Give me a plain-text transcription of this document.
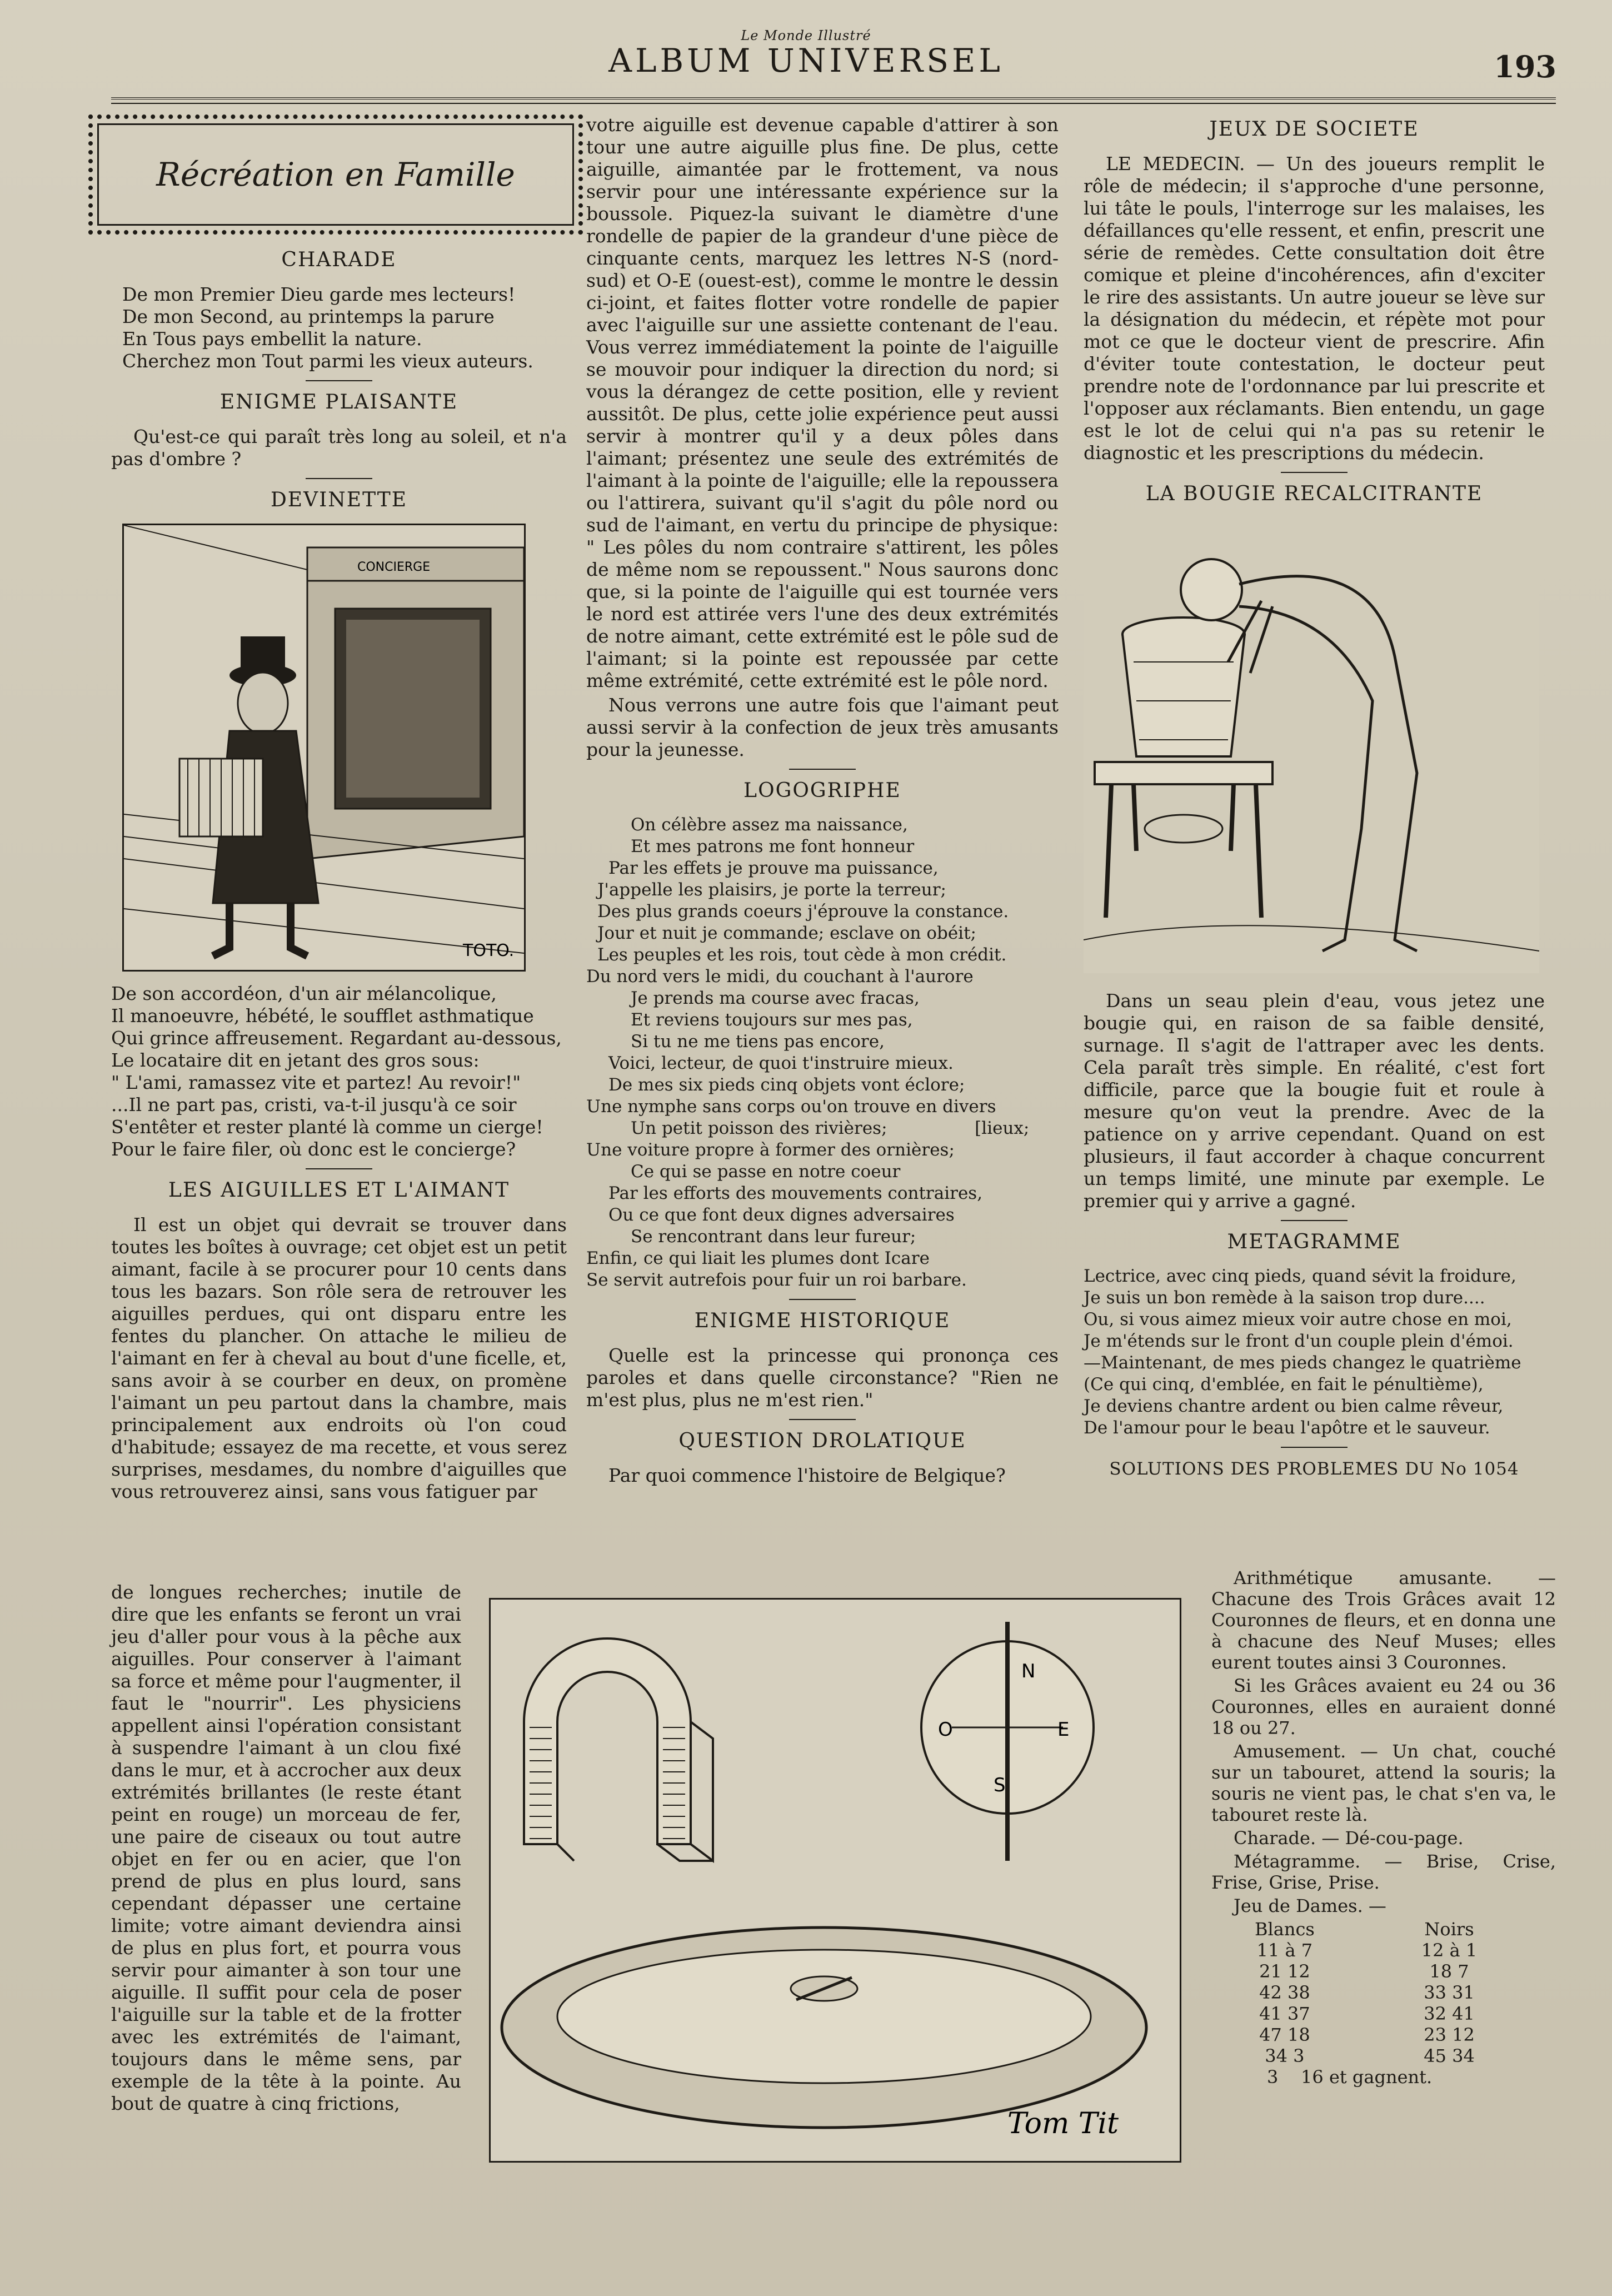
Le Monde Illustré
ALBUM UNIVERSEL	193
Récréation en Famille
CHARADE
De mon Premier Dieu garde mes lecteurs!
De mon Second, au printemps la parure
En Tous pays embellit la nature.
Cherchez mon Tout parmi les vieux auteurs.
ENIGME PLAISANTE

Qu'est-ce qui paraît très long au soleil, et n'a pas d'ombre ?

DEVINETTE
CONCIERGE
TOTO.
De son accordéon, d'un air mélancolique,
Il manoeuvre, hébété, le soufflet asthmatique
Qui grince affreusement. Regardant au-dessous,
Le locataire dit en jetant des gros sous:
" L'ami, ramassez vite et partez! Au revoir!"
...Il ne part pas, cristi, va-t-il jusqu'à ce soir
S'entêter et rester planté là comme un cierge!
Pour le faire filer, où donc est le concierge?
LES AIGUILLES ET L'AIMANT

Il est un objet qui devrait se trouver dans toutes les boîtes à ouvrage; cet objet est un petit aimant, facile à se procurer pour 10 cents dans tous les bazars. Son rôle sera de retrouver les aiguilles perdues, qui ont disparu entre les fentes du plancher. On attache le milieu de l'aimant en fer à cheval au bout d'une ficelle, et, sans avoir à se courber en deux, on promène l'aimant un peu partout dans la chambre, mais principalement aux endroits où l'on coud d'habitude; essayez de ma recette, et vous serez surprises, mesdames, du nombre d'aiguilles que vous retrouverez ainsi, sans vous fatiguer par

de longues recherches; inutile de dire que les enfants se feront un vrai jeu d'aller pour vous à la pêche aux aiguilles. Pour conserver à l'aimant sa force et même pour l'augmenter, il faut le "nourrir". Les physiciens appellent ainsi l'opération consistant à suspendre l'aimant à un clou fixé dans le mur, et à accrocher aux deux extrémités brillantes (le reste étant peint en rouge) un morceau de fer, une paire de ciseaux ou tout autre objet en fer ou en acier, que l'on prend de plus en plus lourd, sans cependant dépasser une certaine limite; votre aimant deviendra ainsi de plus en plus fort, et pourra vous servir pour aimanter à son tour une aiguille. Il suffit pour cela de poser l'aiguille sur la table et de la frotter avec les extrémités de l'aimant, toujours dans le même sens, par exemple de la tête à la pointe. Au bout de quatre à cinq frictions,

votre aiguille est devenue capable d'attirer à son tour une autre aiguille plus fine. De plus, cette aiguille, aimantée par le frottement, va nous servir pour une intéressante expérience sur la boussole. Piquez-la suivant le diamètre d'une rondelle de papier de la grandeur d'une pièce de cinquante cents, marquez les lettres N-S (nord-sud) et O-E (ouest-est), comme le montre le dessin ci-joint, et faites flotter votre rondelle de papier avec l'aiguille sur une assiette contenant de l'eau. Vous verrez immédiatement la pointe de l'aiguille se mouvoir pour indiquer la direction du nord; si vous la dérangez de cette position, elle y revient aussitôt. De plus, cette jolie expérience peut aussi servir à montrer qu'il y a deux pôles dans l'aimant; présentez une seule des extrémités de l'aimant à la pointe de l'aiguille; elle la repoussera ou l'attirera, suivant qu'il s'agit du pôle nord ou sud de l'aimant, en vertu du principe de physique: " Les pôles du nom contraire s'attirent, les pôles de même nom se repoussent." Nous saurons donc que, si la pointe de l'aiguille qui est tournée vers le nord est attirée vers l'une des deux extrémités de notre aimant, cette extrémité est le pôle sud de l'aimant; si la pointe est repoussée par cette même extrémité, cette extrémité est le pôle nord.

Nous verrons une autre fois que l'aimant peut aussi servir à la confection de jeux très amusants pour la jeunesse.

LOGOGRIPHE
On célèbre assez ma naissance,
Et mes patrons me font honneur
Par les effets je prouve ma puissance,
J'appelle les plaisirs, je porte la terreur;
Des plus grands coeurs j'éprouve la constance.
Jour et nuit je commande; esclave on obéit;
Les peuples et les rois, tout cède à mon crédit.
Du nord vers le midi, du couchant à l'aurore
Je prends ma course avec fracas,
Et reviens toujours sur mes pas,
Si tu ne me tiens pas encore,
Voici, lecteur, de quoi t'instruire mieux.
De mes six pieds cinq objets vont éclore;
Une nymphe sans corps ou'on trouve en divers
Un petit poisson des rivières;                [lieux;
Une voiture propre à former des ornières;
Ce qui se passe en notre coeur
Par les efforts des mouvements contraires,
Ou ce que font deux dignes adversaires
Se rencontrant dans leur fureur;
Enfin, ce qui liait les plumes dont Icare
Se servit autrefois pour fuir un roi barbare.
ENIGME HISTORIQUE

Quelle est la princesse qui prononça ces paroles et dans quelle circonstance? "Rien ne m'est plus, plus ne m'est rien."

QUESTION DROLATIQUE

Par quoi commence l'histoire de Belgique?

N
E
O
S
Tom Tit
JEUX DE SOCIETE

LE MEDECIN. — Un des joueurs remplit le rôle de médecin; il s'approche d'une personne, lui tâte le pouls, l'interroge sur les malaises, les défaillances qu'elle ressent, et enfin, prescrit une série de remèdes. Cette consultation doit être comique et pleine d'incohérences, afin d'exciter le rire des assistants. Un autre joueur se lève sur la désignation du médecin, et répète mot pour mot ce que le docteur vient de prescrire. Afin d'éviter toute contestation, le docteur peut prendre note de l'ordonnance par lui prescrite et l'opposer aux réclamants. Bien entendu, un gage est le lot de celui qui n'a pas su retenir le diagnostic et les prescriptions du médecin.

LA BOUGIE RECALCITRANTE

Dans un seau plein d'eau, vous jetez une bougie qui, en raison de sa faible densité, surnage. Il s'agit de l'attraper avec les dents. Cela paraît très simple. En réalité, c'est fort difficile, parce que la bougie fuit et roule à mesure qu'on veut la prendre. Avec de la patience on y arrive cependant. Quand on est plusieurs, il faut accorder à chaque concurrent un temps limité, une minute par exemple. Le premier qui y arrive a gagné.

METAGRAMME
Lectrice, avec cinq pieds, quand sévit la froidure,
Je suis un bon remède à la saison trop dure....
Ou, si vous aimez mieux voir autre chose en moi,
Je m'étends sur le front d'un couple plein d'émoi.
—Maintenant, de mes pieds changez le quatrième
(Ce qui cinq, d'emblée, en fait le pénultième),
Je deviens chantre ardent ou bien calme rêveur,
De l'amour pour le beau l'apôtre et le sauveur.
SOLUTIONS DES PROBLEMES DU No 1054

Arithmétique amusante. — Chacune des Trois Grâces avait 12 Couronnes de fleurs, et en donna une à chacune des Neuf Muses; elles eurent toutes ainsi 3 Couronnes.

Si les Grâces avaient eu 24 ou 36 Couronnes, elles en auraient donné 18 ou 27.

Amusement. — Un chat, couché sur un tabouret, attend la souris; la souris ne vient pas, le chat s'en va, le tabouret reste là.

Charade. — Dé-cou-page.

Métagramme. — Brise, Crise, Frise, Grise, Prise.

Jeu de Dames. —

Blancs		Noirs
11 à 7		12 à 1
21 12		18 7
42 38		33 31
41 37		32 41
47 18		23 12
34 3		45 34

3    16 et gagnent.
